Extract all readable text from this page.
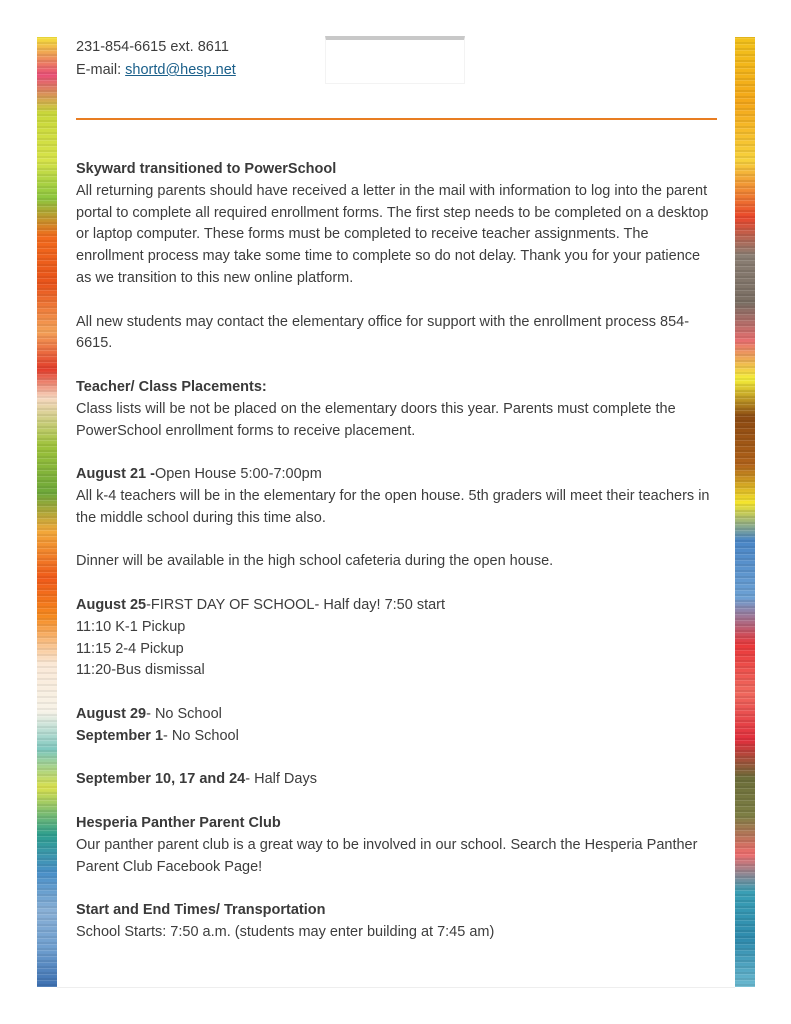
231-854-6615 ext. 8611
E-mail: shortd@hesp.net

Skyward transitioned to PowerSchool

All returning parents should have received a letter in the mail with information to log into the parent portal to complete all required enrollment forms. The first step needs to be completed on a desktop or laptop computer. These forms must be completed to receive teacher assignments. The enrollment process may take some time to complete so do not delay. Thank you for your patience as we transition to this new online platform.

All new students may contact the elementary office for support with the enrollment process 854-6615.

Teacher/ Class Placements:

Class lists will be not be placed on the elementary doors this year. Parents must complete the PowerSchool enrollment forms to receive placement.

August 21 -Open House 5:00-7:00pm

All k-4 teachers will be in the elementary for the open house. 5th graders will meet their teachers in the middle school during this time also.

Dinner will be available in the high school cafeteria during the open house.

August 25-FIRST DAY OF SCHOOL- Half day! 7:50 start

11:10 K-1 Pickup

11:15 2-4 Pickup

11:20-Bus dismissal

August 29- No School

September 1- No School

September 10, 17 and 24- Half Days

Hesperia Panther Parent Club

Our panther parent club is a great way to be involved in our school. Search the Hesperia Panther Parent Club Facebook Page!

Start and End Times/ Transportation

School Starts: 7:50 a.m. (students may enter building at 7:45 am)
